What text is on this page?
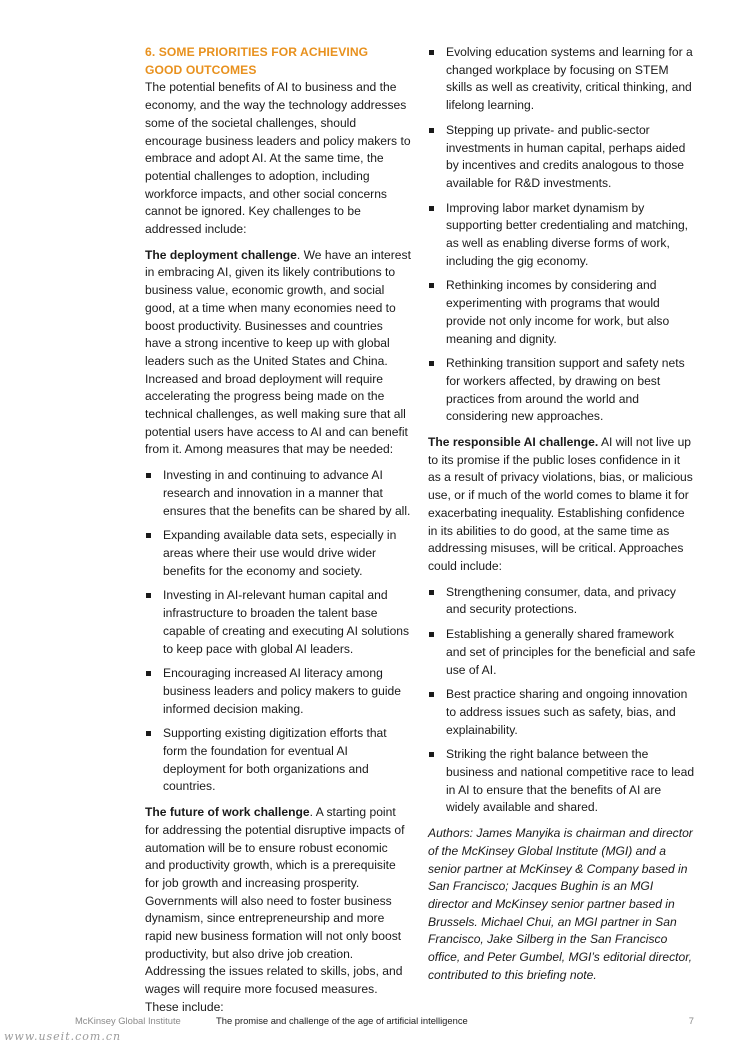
6. SOME PRIORITIES FOR ACHIEVING
GOOD OUTCOMES

The potential benefits of AI to business and the economy, and the way the technology addresses some of the societal challenges, should encourage business leaders and policy makers to embrace and adopt AI. At the same time, the potential challenges to adoption, including workforce impacts, and other social concerns cannot be ignored. Key challenges to be addressed include:

The deployment challenge. We have an interest in embracing AI, given its likely contributions to business value, economic growth, and social good, at a time when many economies need to boost productivity. Businesses and countries have a strong incentive to keep up with global leaders such as the United States and China. Increased and broad deployment will require accelerating the progress being made on the technical challenges, as well making sure that all potential users have access to AI and can benefit from it. Among measures that may be needed:

Investing in and continuing to advance AI research and innovation in a manner that ensures that the benefits can be shared by all.
Expanding available data sets, especially in areas where their use would drive wider benefits for the economy and society.
Investing in AI-relevant human capital and infrastructure to broaden the talent base capable of creating and executing AI solutions to keep pace with global AI leaders.
Encouraging increased AI literacy among business leaders and policy makers to guide informed decision making.
Supporting existing digitization efforts that form the foundation for eventual AI deployment for both organizations and countries.

The future of work challenge. A starting point for addressing the potential disruptive impacts of automation will be to ensure robust economic and productivity growth, which is a prerequisite for job growth and increasing prosperity. Governments will also need to foster business dynamism, since entrepreneurship and more rapid new business formation will not only boost productivity, but also drive job creation. Addressing the issues related to skills, jobs, and wages will require more focused measures. These include:

Evolving education systems and learning for a changed workplace by focusing on STEM skills as well as creativity, critical thinking, and lifelong learning.
Stepping up private- and public-sector investments in human capital, perhaps aided by incentives and credits analogous to those available for R&D investments.
Improving labor market dynamism by supporting better credentialing and matching, as well as enabling diverse forms of work, including the gig economy.
Rethinking incomes by considering and experimenting with programs that would provide not only income for work, but also meaning and dignity.
Rethinking transition support and safety nets for workers affected, by drawing on best practices from around the world and considering new approaches.

The responsible AI challenge. AI will not live up to its promise if the public loses confidence in it as a result of privacy violations, bias, or malicious use, or if much of the world comes to blame it for exacerbating inequality. Establishing confidence in its abilities to do good, at the same time as addressing misuses, will be critical. Approaches could include:

Strengthening consumer, data, and privacy and security protections.
Establishing a generally shared framework and set of principles for the beneficial and safe use of AI.
Best practice sharing and ongoing innovation to address issues such as safety, bias, and explainability.
Striking the right balance between the business and national competitive race to lead in AI to ensure that the benefits of AI are widely available and shared.

Authors: James Manyika is chairman and director of the McKinsey Global Institute (MGI) and a senior partner at McKinsey & Company based in San Francisco; Jacques Bughin is an MGI director and McKinsey senior partner based in Brussels. Michael Chui, an MGI partner in San Francisco, Jake Silberg in the San Francisco office, and Peter Gumbel, MGI’s editorial director, contributed to this briefing note.

McKinsey Global Institute	The promise and challenge of the age of artificial intelligence	7
www.useit.com.cn
